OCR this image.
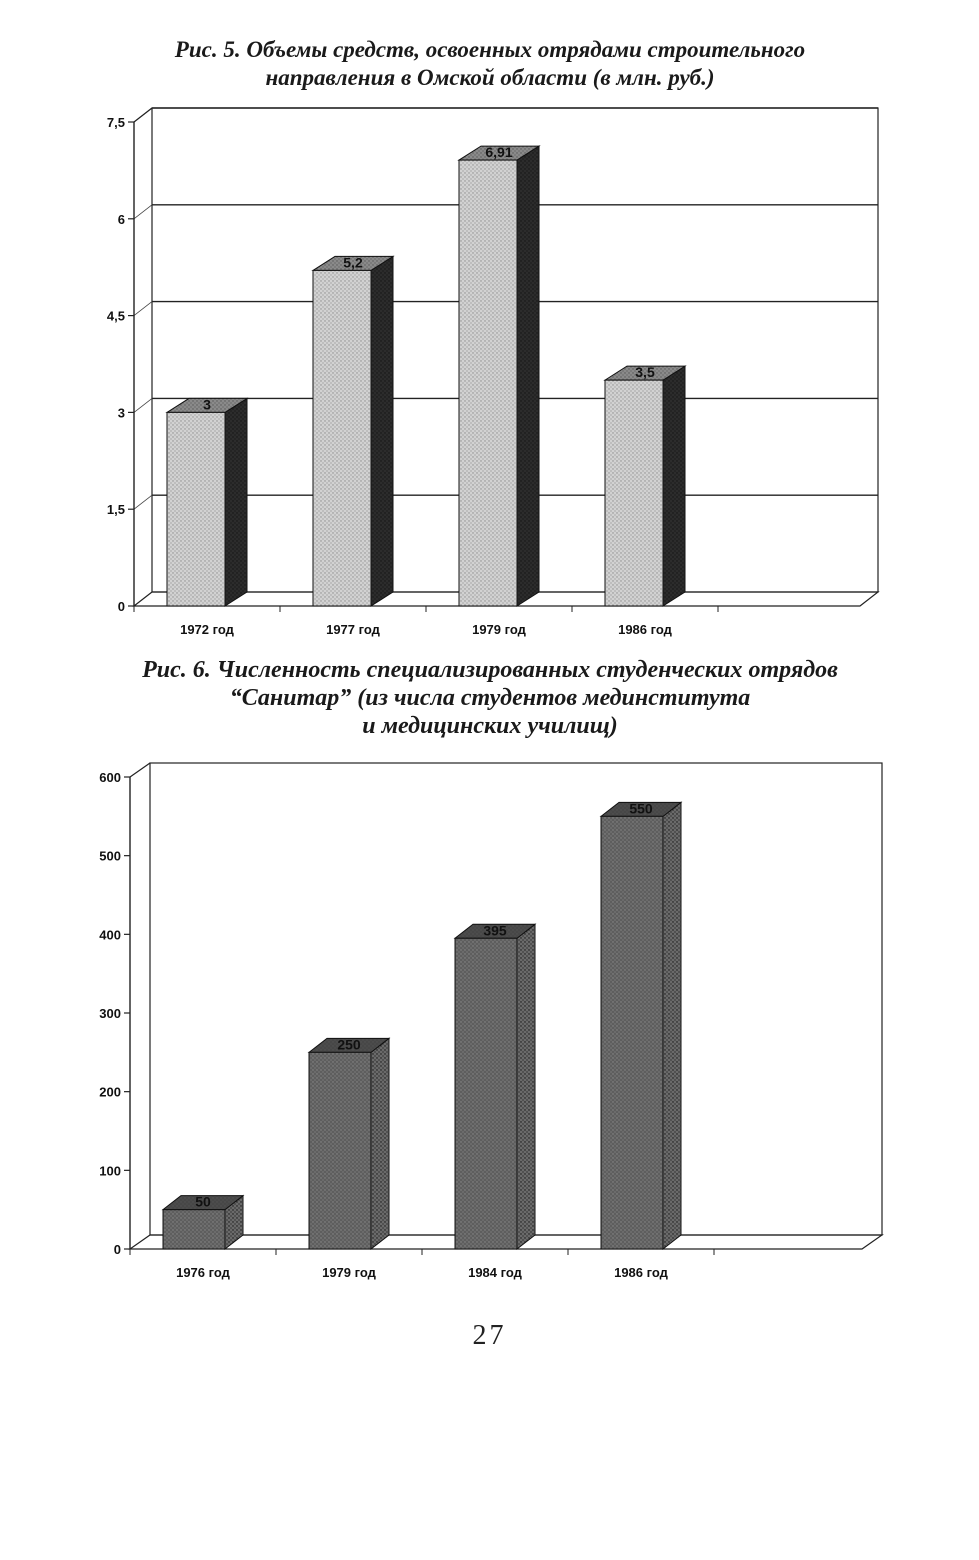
Рис. 5. Объемы средств, освоенных отрядами строительного
направления в Омской области (в млн. руб.)
0
1,5
3
4,5
6
7,5
3
1972 год
5,2
1977 год
6,91
1979 год
3,5
1986 год
Рис. 6. Численность специализированных студенческих отрядов
“Санитар” (из числа студентов мединститута
и медицинских училищ)
0
100
200
300
400
500
600
50
1976 год
250
1979 год
395
1984 год
550
1986 год
27
